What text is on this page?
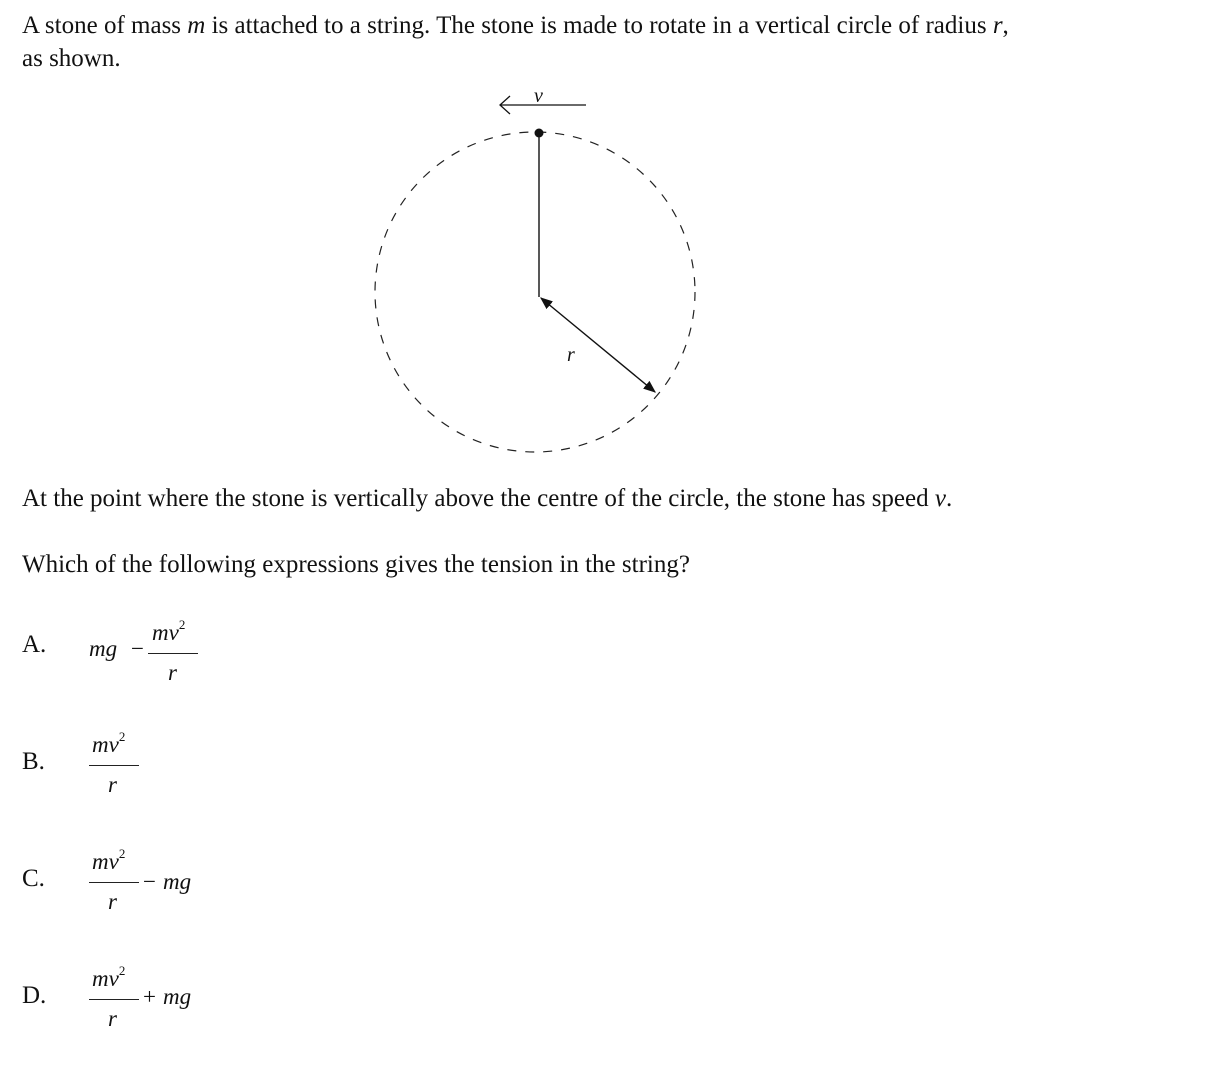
A stone of mass m is attached to a string. The stone is made to rotate in a vertical circle of radius r,
as shown.
v
r
At the point where the stone is vertically above the centre of the circle, the stone has speed v.
Which of the following expressions gives the tension in the string?
A. mg −
$mv^2$
r
B.
$mv^2$
r
C.
$mv^2$
r
− mg
D.
$mv^2$
r
+ mg
